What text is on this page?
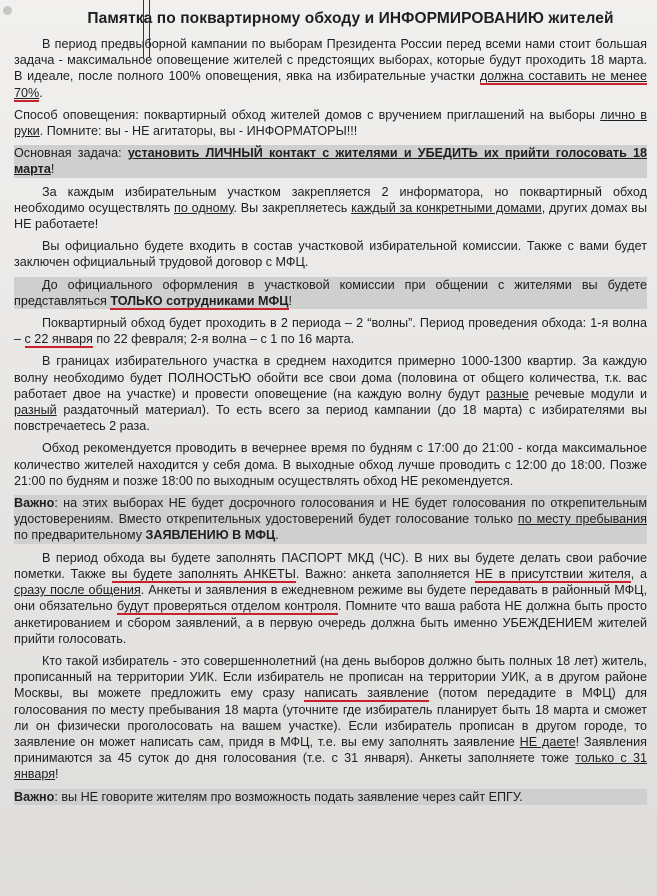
Памятка по поквартирному обходу и ИНФОРМИРОВАНИЮ жителей

В период предвыборной кампании по выборам Президента России перед всеми нами стоит большая задача - максимальное оповещение жителей с предстоящих выборах, которые будут проходить 18 марта. В идеале, после полного 100% оповещения, явка на избирательные участки должна составить не менее 70%.

Способ оповещения: поквартирный обход жителей домов с вручением приглашений на выборы лично в руки. Помните: вы - НЕ агитаторы, вы - ИНФОРМАТОРЫ!!!

Основная задача: установить ЛИЧНЫЙ контакт с жителями и УБЕДИТЬ их прийти голосовать 18 марта!

За каждым избирательным участком закрепляется 2 информатора, но поквартирный обход необходимо осуществлять по одному. Вы закрепляетесь каждый за конкретными домами, других домах вы НЕ работаете!

Вы официально будете входить в состав участковой избирательной комиссии. Также с вами будет заключен официальный трудовой договор с МФЦ.

До официального оформления в участковой комиссии при общении с жителями вы будете представляться ТОЛЬКО сотрудниками МФЦ!

Поквартирный обход будет проходить в 2 периода – 2 “волны”. Период проведения обхода: 1-я волна – с 22 января по 22 февраля; 2-я волна – с 1 по 16 марта.

В границах избирательного участка в среднем находится примерно 1000-1300 квартир. За каждую волну необходимо будет ПОЛНОСТЬЮ обойти все свои дома (половина от общего количества, т.к. вас работает двое на участке) и провести оповещение (на каждую волну будут разные речевые модули и разный раздаточный материал). То есть всего за период кампании (до 18 марта) с избирателями вы повстречаетесь 2 раза.

Обход рекомендуется проводить в вечернее время по будням с 17:00 до 21:00 - когда максимальное количество жителей находится у себя дома. В выходные обход лучше проводить с 12:00 до 18:00. Позже 21:00 по будням и позже 18:00 по выходным осуществлять обход НЕ рекомендуется.

Важно: на этих выборах НЕ будет досрочного голосования и НЕ будет голосования по открепительным удостоверениям. Вместо открепительных удостоверений будет голосование только по месту пребывания по предварительному ЗАЯВЛЕНИЮ В МФЦ.

В период обхода вы будете заполнять ПАСПОРТ МКД (ЧС). В них вы будете делать свои рабочие пометки. Также вы будете заполнять АНКЕТЫ. Важно: анкета заполняется НЕ в присутствии жителя, а сразу после общения. Анкеты и заявления в ежедневном режиме вы будете передавать в районный МФЦ, они обязательно будут проверяться отделом контроля. Помните что ваша работа НЕ должна быть просто анкетированием и сбором заявлений, а в первую очередь должна быть именно УБЕЖДЕНИЕМ жителей прийти голосовать.

Кто такой избиратель - это совершеннолетний (на день выборов должно быть полных 18 лет) житель, прописанный на территории УИК. Если избиратель не прописан на территории УИК, а в другом районе Москвы, вы можете предложить ему сразу написать заявление (потом передадите в МФЦ) для голосования по месту пребывания 18 марта (уточните где избиратель планирует быть 18 марта и сможет ли он физически проголосовать на вашем участке). Если избиратель прописан в другом городе, то заявление он может написать сам, придя в МФЦ, т.е. вы ему заполнять заявление НЕ даете! Заявления принимаются за 45 суток до дня голосования (т.е. с 31 января). Анкеты заполняете тоже только с 31 января!

Важно: вы НЕ говорите жителям про возможность подать заявление через сайт ЕПГУ.
